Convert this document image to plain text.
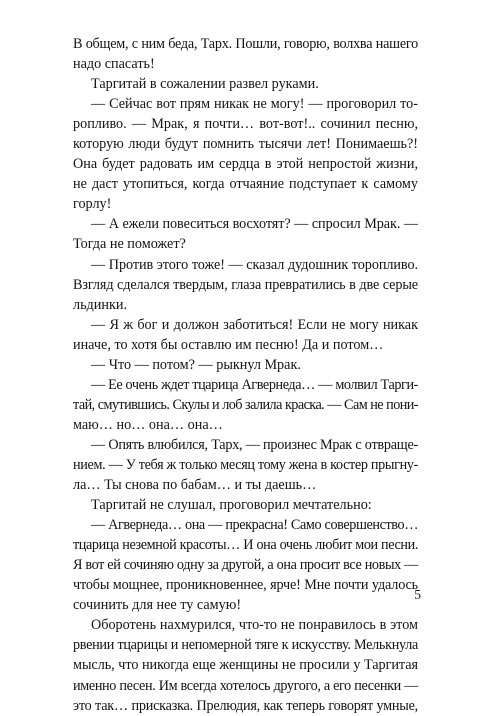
В общем, с ним беда, Тарх. Пошли, говорю, волхва нашего
надо спасать!
Таргитай в сожалении развел руками.
— Сейчас вот прям никак не могу! — проговорил то-
ропливо. — Мрак, я почти… вот-вот!.. сочинил песню,
которую люди будут помнить тысячи лет! Понимаешь?!
Она будет радовать им сердца в этой непростой жизни,
не даст утопиться, когда отчаяние подступает к самому
горлу!
— А ежели повеситься восхотят? — спросил Мрак. —
Тогда не поможет?
— Против этого тоже! — сказал дудошник торопливо.
Взгляд сделался твердым, глаза превратились в две серые
льдинки.
— Я ж бог и должон заботиться! Если не могу никак
иначе, то хотя бы оставлю им песню! Да и потом…
— Что — потом? — рыкнул Мрак.
— Ее очень ждет тцарица Агвернеда… — молвил Тарги-
тай, смутившись. Скулы и лоб залила краска. — Сам не пони-
маю… но… она… она…
— Опять влюбился, Тарх, — произнес Мрак с отвраще-
нием. — У тебя ж только месяц тому жена в костер прыгну-
ла… Ты снова по бабам… и ты даешь…
Таргитай не слушал, проговорил мечтательно:
— Агвернеда… она — прекрасна! Само совершенство…
тцарица неземной красоты… И она очень любит мои песни.
Я вот ей сочиняю одну за другой, а она просит все новых —
чтобы мощнее, проникновеннее, ярче! Мне почти удалось
сочинить для нее ту самую!
Оборотень нахмурился, что-то не понравилось в этом
рвении тцарицы и непомерной тяге к искусству. Мелькнула
мысль, что никогда еще женщины не просили у Таргитая
именно песен. Им всегда хотелось другого, а его песенки —
это так… присказка. Прелюдия, как теперь говорят умные,
5
